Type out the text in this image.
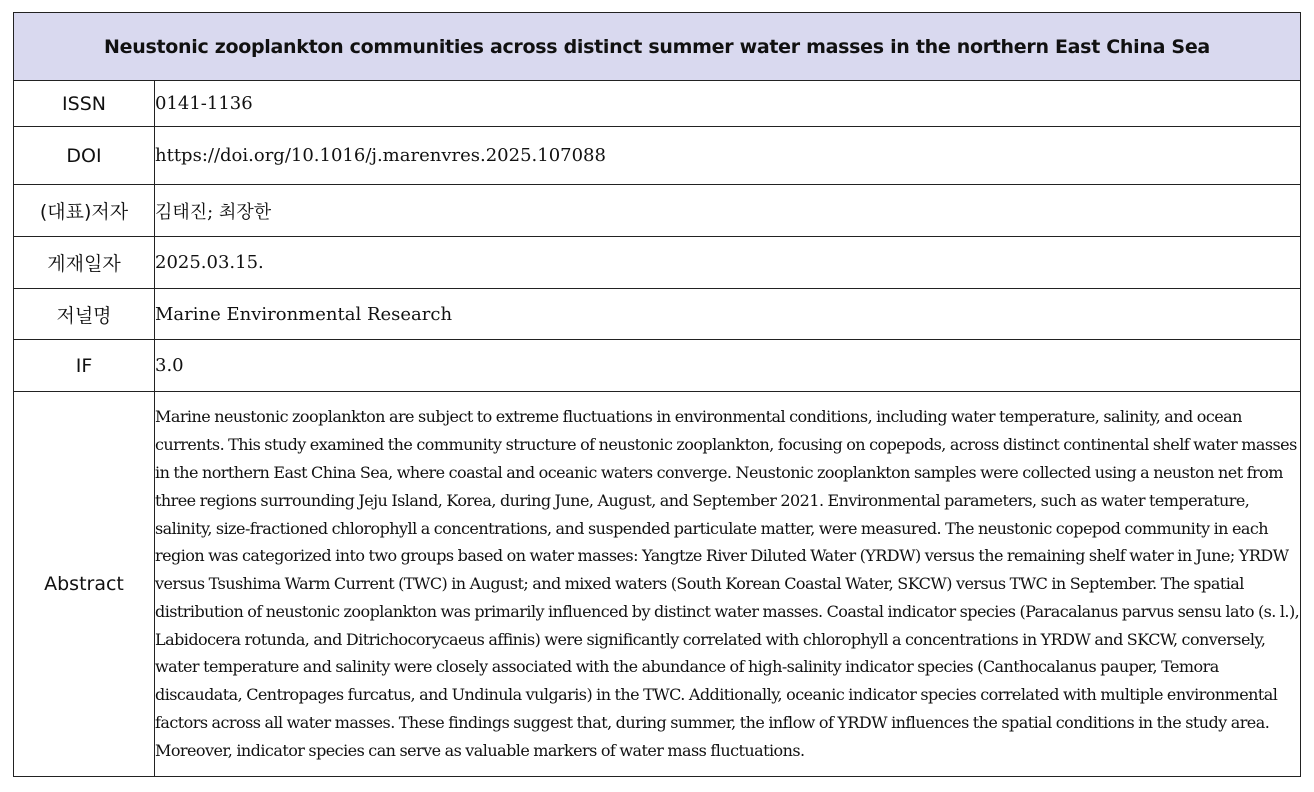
Neustonic zooplankton communities across distinct summer water masses in the northern East China Sea	
ISSN	0141-1136
DOI	https://doi.org/10.1016/j.marenvres.2025.107088
(대표)저자	김태진; 최장한
게재일자	2025.03.15.
저널명	Marine Environmental Research
IF	3.0
Abstract	Marine neustonic zooplankton are subject to extreme fluctuations in environmental conditions, including water temperature, salinity, and ocean currents. This study examined the community structure of neustonic zooplankton, focusing on copepods, across distinct continental shelf water masses in the northern East China Sea, where coastal and oceanic waters converge. Neustonic zooplankton samples were collected using a neuston net from three regions surrounding Jeju Island, Korea, during June, August, and September 2021. Environmental parameters, such as water temperature, salinity, size-fractioned chlorophyll a concentrations, and suspended particulate matter, were measured. The neustonic copepod community in each region was categorized into two groups based on water masses: Yangtze River Diluted Water (YRDW) versus the remaining shelf water in June; YRDW versus Tsushima Warm Current (TWC) in August; and mixed waters (South Korean Coastal Water, SKCW) versus TWC in September. The spatial distribution of neustonic zooplankton was primarily influenced by distinct water masses. Coastal indicator species (Paracalanus parvus sensu lato (s. l.), Labidocera rotunda, and Ditrichocorycaeus affinis) were significantly correlated with chlorophyll a concentrations in YRDW and SKCW, conversely, water temperature and salinity were closely associated with the abundance of high-salinity indicator species (Canthocalanus pauper, Temora discaudata, Centropages furcatus, and Undinula vulgaris) in the TWC. Additionally, oceanic indicator species correlated with multiple environmental factors across all water masses. These findings suggest that, during summer, the inflow of YRDW influences the spatial conditions in the study area. Moreover, indicator species can serve as valuable markers of water mass fluctuations.
